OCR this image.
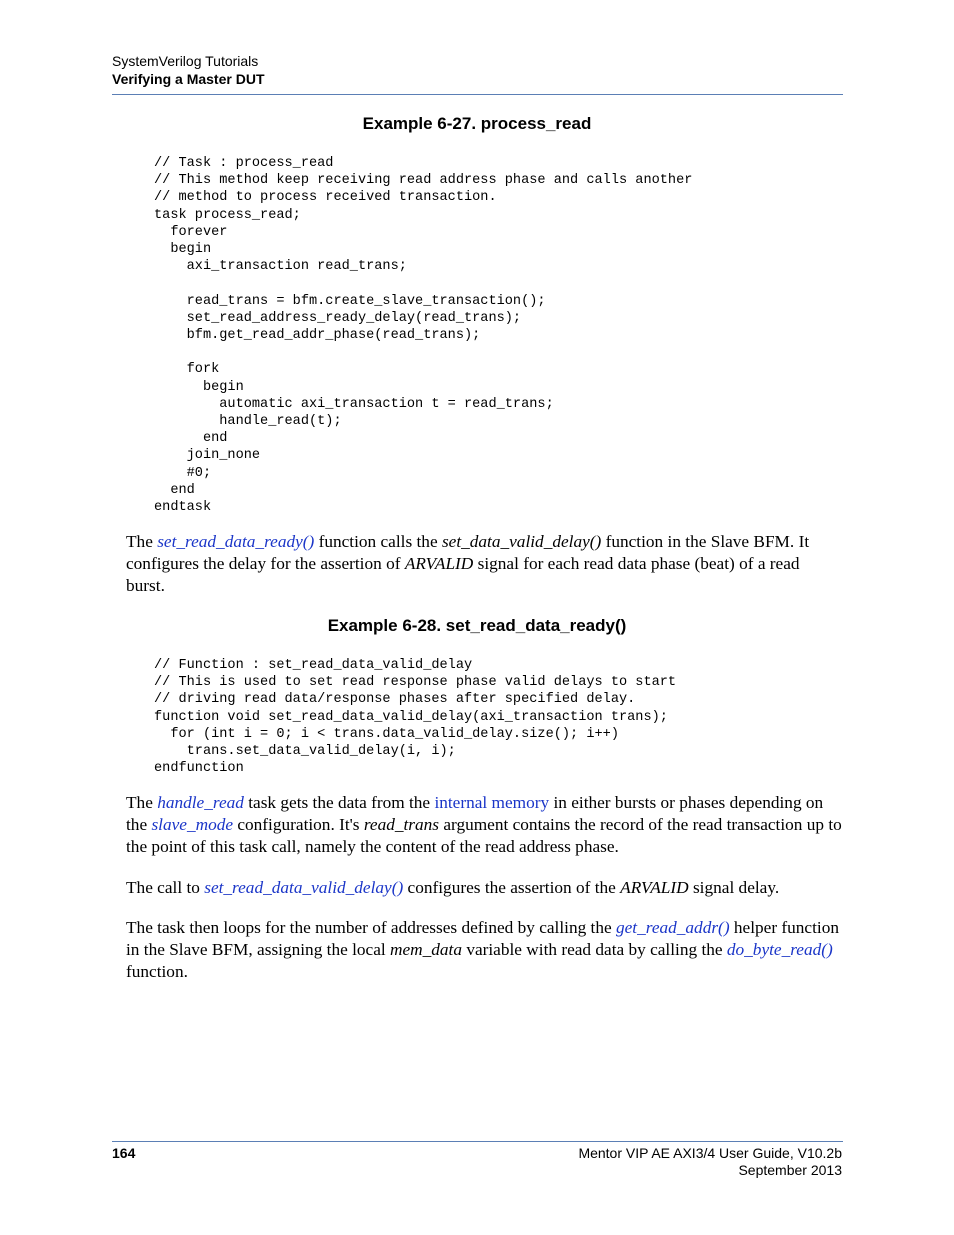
SystemVerilog Tutorials
Verifying a Master DUT
Example 6-27. process_read
// Task : process_read
// This method keep receiving read address phase and calls another
// method to process received transaction.
task process_read;
forever
begin
axi_transaction read_trans;

read_trans = bfm.create_slave_transaction();
set_read_address_ready_delay(read_trans);
bfm.get_read_addr_phase(read_trans);

fork
begin
automatic axi_transaction t = read_trans;
handle_read(t);
end
join_none
#0;
end
endtask

The set_read_data_ready() function calls the set_data_valid_delay() function in the Slave BFM. It configures the delay for the assertion of ARVALID signal for each read data phase (beat) of a read burst.

Example 6-28. set_read_data_ready()
// Function : set_read_data_valid_delay
// This is used to set read response phase valid delays to start
// driving read data/response phases after specified delay.
function void set_read_data_valid_delay(axi_transaction trans);
for (int i = 0; i < trans.data_valid_delay.size(); i++)
trans.set_data_valid_delay(i, i);
endfunction

The handle_read task gets the data from the internal memory in either bursts or phases depending on the slave_mode configuration. It's read_trans argument contains the record of the read transaction up to the point of this task call, namely the content of the read address phase.

The call to set_read_data_valid_delay() configures the assertion of the ARVALID signal delay.

The task then loops for the number of addresses defined by calling the get_read_addr() helper function in the Slave BFM, assigning the local mem_data variable with read data by calling the do_byte_read() function.

164	Mentor VIP AE AXI3/4 User Guide, V10.2b
September 2013
